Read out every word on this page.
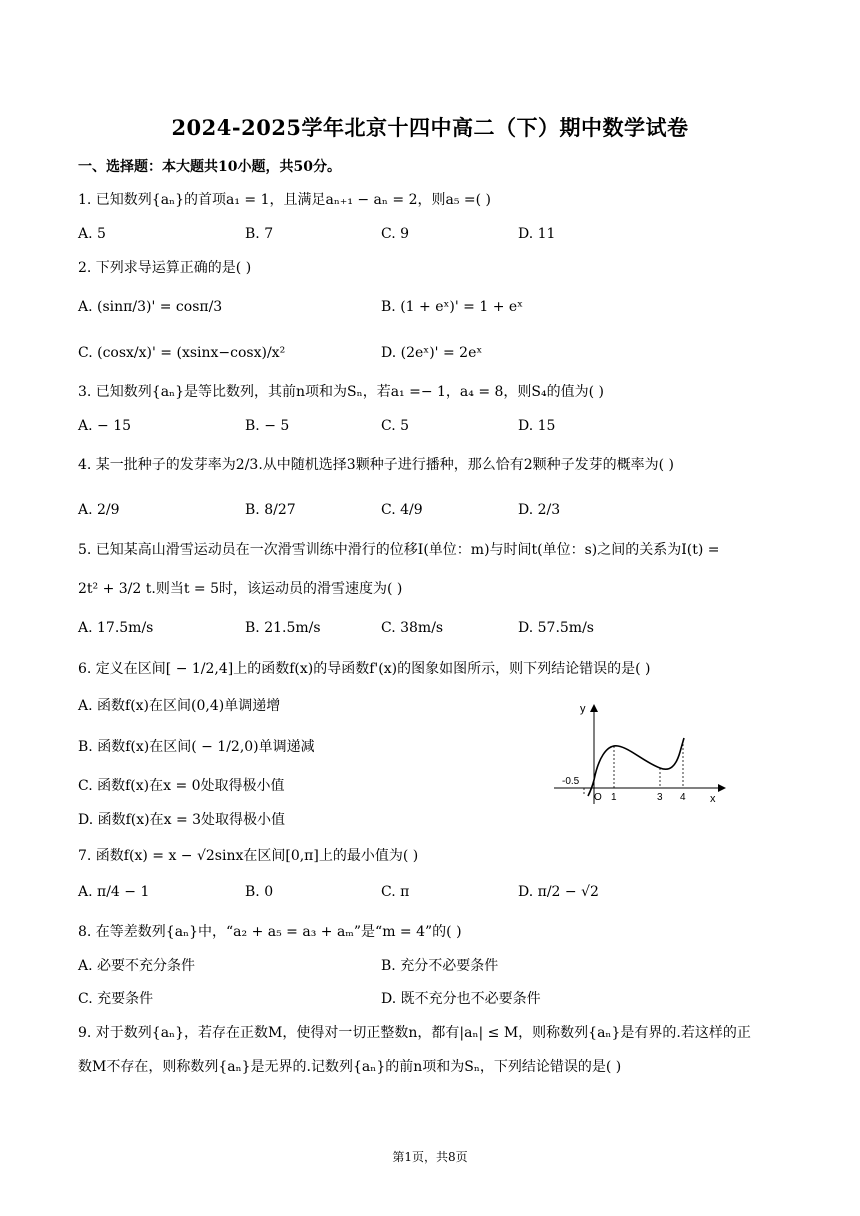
2024-2025学年北京十四中高二（下）期中数学试卷
一、选择题：本大题共10小题，共50分。
1. 已知数列{aₙ}的首项a₁ = 1，且满足aₙ₊₁ − aₙ = 2，则a₅ =( )
A. 5	B. 7	C. 9	D. 11
2. 下列求导运算正确的是( )
A. (sinπ/3)' = cosπ/3	B. (1 + eˣ)' = 1 + eˣ
C. (cosx/x)' = (xsinx−cosx)/x²	D. (2eˣ)' = 2eˣ
3. 已知数列{aₙ}是等比数列，其前n项和为Sₙ，若a₁ =− 1，a₄ = 8，则S₄的值为( )
A. − 15	B. − 5	C. 5	D. 15
4. 某一批种子的发芽率为2/3.从中随机选择3颗种子进行播种，那么恰有2颗种子发芽的概率为( )
A. 2/9	B. 8/27	C. 4/9	D. 2/3
5. 已知某高山滑雪运动员在一次滑雪训练中滑行的位移I(单位：m)与时间t(单位：s)之间的关系为I(t) =
2t² + 3/2 t.则当t = 5时，该运动员的滑雪速度为( )
A. 17.5m/s	B. 21.5m/s	C. 38m/s	D. 57.5m/s
6. 定义在区间[ − 1/2,4]上的函数f(x)的导函数f'(x)的图象如图所示，则下列结论错误的是( )
A. 函数f(x)在区间(0,4)单调递增
B. 函数f(x)在区间( − 1/2,0)单调递减
C. 函数f(x)在x = 0处取得极小值
D. 函数f(x)在x = 3处取得极小值
y
x
-0.5
O 1	3 4
7. 函数f(x) = x − √2sinx在区间[0,π]上的最小值为( )
A. π/4 − 1	B. 0	C. π	D. π/2 − √2
8. 在等差数列{aₙ}中，“a₂ + a₅ = a₃ + aₘ”是“m = 4”的( )
A. 必要不充分条件	B. 充分不必要条件
C. 充要条件	D. 既不充分也不必要条件
9. 对于数列{aₙ}，若存在正数M，使得对一切正整数n，都有|aₙ| ≤ M，则称数列{aₙ}是有界的.若这样的正
数M不存在，则称数列{aₙ}是无界的.记数列{aₙ}的前n项和为Sₙ，下列结论错误的是( )
第1页，共8页
